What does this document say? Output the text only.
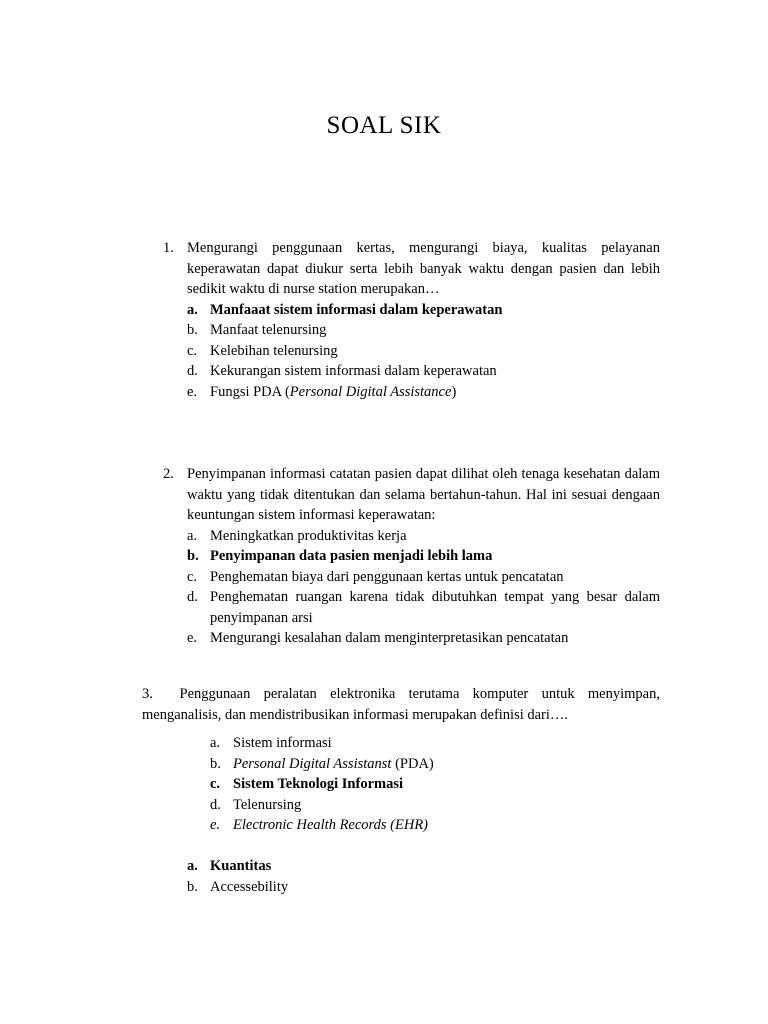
SOAL SIK
1. Mengurangi penggunaan kertas, mengurangi biaya, kualitas pelayanan keperawatan dapat diukur serta lebih banyak waktu dengan pasien dan lebih sedikit waktu di nurse station merupakan…
a. Manfaaat sistem informasi dalam keperawatan
b. Manfaat telenursing
c. Kelebihan telenursing
d. Kekurangan sistem informasi dalam keperawatan
e. Fungsi PDA (Personal Digital Assistance)
2. Penyimpanan informasi catatan pasien dapat dilihat oleh tenaga kesehatan dalam waktu yang tidak ditentukan dan selama bertahun-tahun. Hal ini sesuai dengaan keuntungan sistem informasi keperawatan:
a. Meningkatkan produktivitas kerja
b. Penyimpanan data pasien menjadi lebih lama
c. Penghematan biaya dari penggunaan kertas untuk pencatatan
d. Penghematan ruangan karena tidak dibutuhkan tempat yang besar dalam penyimpanan arsi
e. Mengurangi kesalahan dalam menginterpretasikan pencatatan
3. Penggunaan peralatan elektronika terutama komputer untuk menyimpan, menganalisis, dan mendistribusikan informasi merupakan definisi dari….
a. Sistem informasi
b. Personal Digital Assistanst (PDA)
c. Sistem Teknologi Informasi
d. Telenursing
e. Electronic Health Records (EHR)
a. Kuantitas
b. Accessebility
